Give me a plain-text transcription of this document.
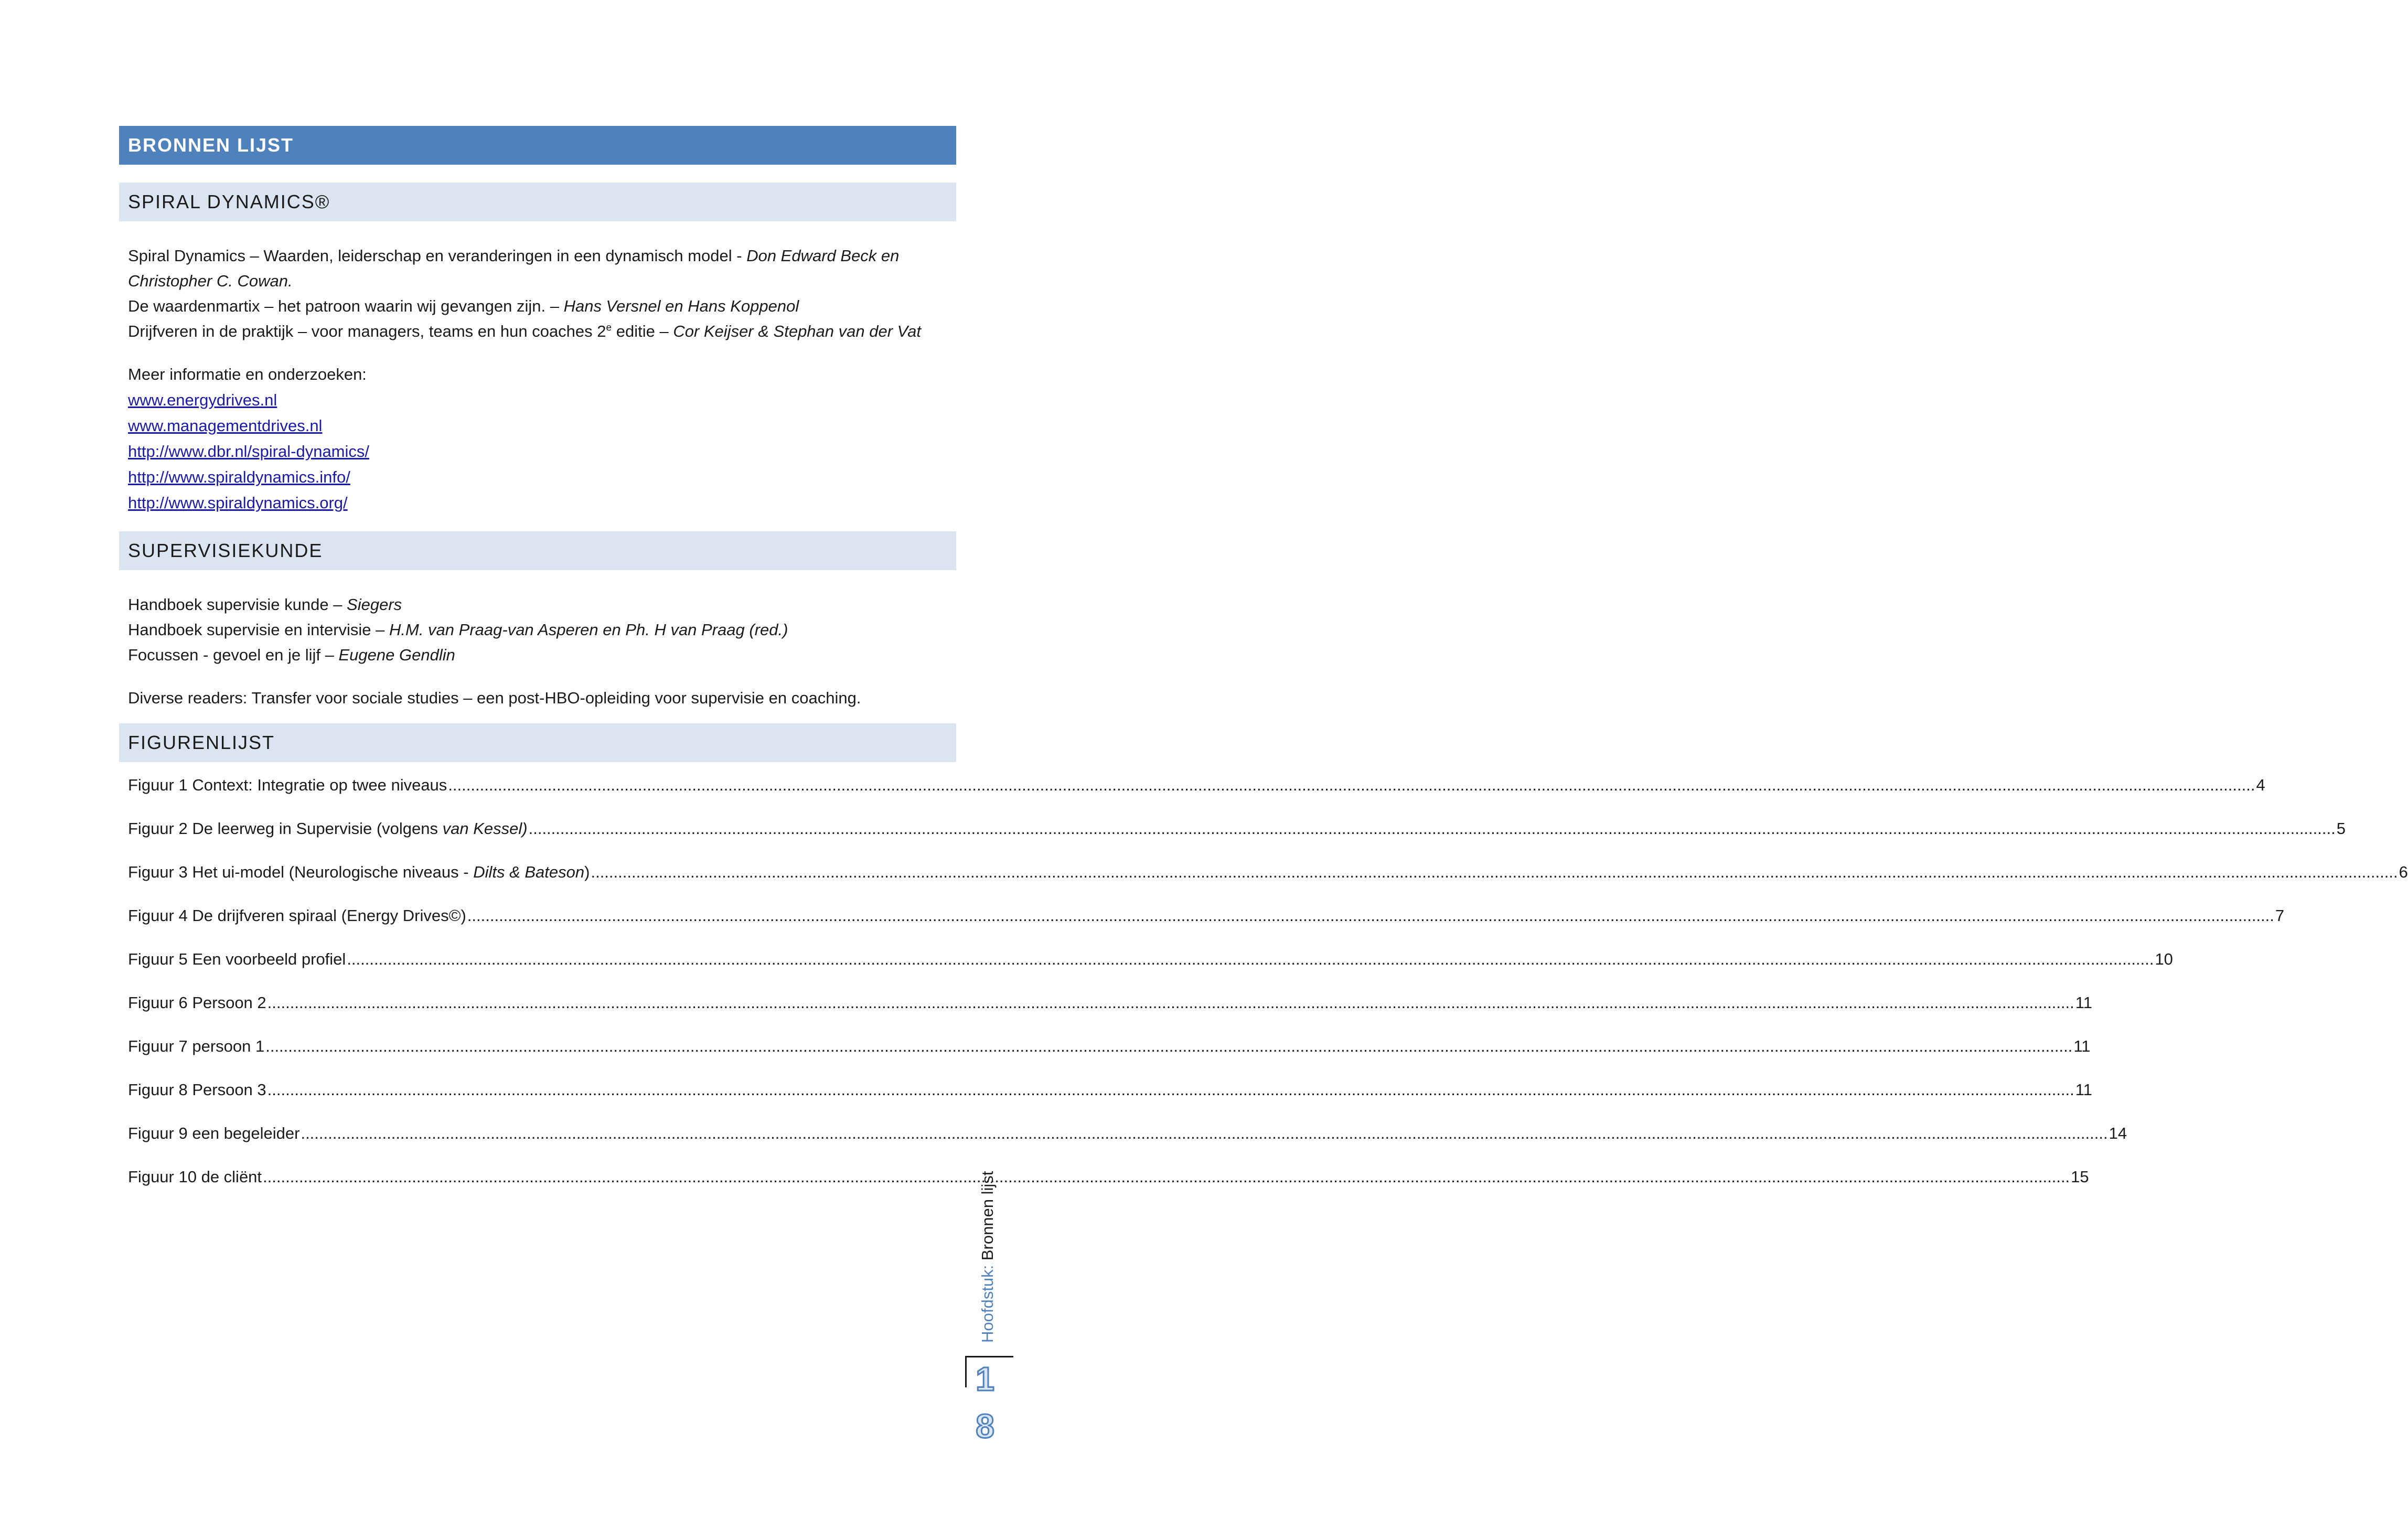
BRONNEN LIJST
SPIRAL DYNAMICS®

Spiral Dynamics – Waarden, leiderschap en veranderingen in een dynamisch model - Don Edward Beck en

Christopher C. Cowan.

De waardenmartix – het patroon waarin wij gevangen zijn. – Hans Versnel en Hans Koppenol

Drijfveren in de praktijk – voor managers, teams en hun coaches 2e editie – Cor Keijser & Stephan van der Vat

Meer informatie en onderzoeken:

www.energydrives.nl
www.managementdrives.nl
http://www.dbr.nl/spiral-dynamics/
http://www.spiraldynamics.info/
http://www.spiraldynamics.org/
SUPERVISIEKUNDE

Handboek supervisie kunde – Siegers

Handboek supervisie en intervisie – H.M. van Praag-van Asperen en Ph. H van Praag (red.)

Focussen - gevoel en je lijf – Eugene Gendlin

Diverse readers: Transfer voor sociale studies – een post-HBO-opleiding voor supervisie en coaching.

FIGURENLIJST
Figuur 1 Context: Integratie op twee niveaus ................................................................................................................................................................................................................................................................................................................................................................................................................ 4
Figuur 2 De leerweg in Supervisie (volgens van Kessel) ................................................................................................................................................................................................................................................................................................................................................................................................................ 5
Figuur 3 Het ui-model (Neurologische niveaus - Dilts & Bateson) ................................................................................................................................................................................................................................................................................................................................................................................................................ 6
Figuur 4 De drijfveren spiraal (Energy Drives©) ................................................................................................................................................................................................................................................................................................................................................................................................................ 7
Figuur 5 Een voorbeeld profiel ................................................................................................................................................................................................................................................................................................................................................................................................................ 10
Figuur 6 Persoon 2 ................................................................................................................................................................................................................................................................................................................................................................................................................ 11
Figuur 7 persoon 1 ................................................................................................................................................................................................................................................................................................................................................................................................................ 11
Figuur 8 Persoon 3 ................................................................................................................................................................................................................................................................................................................................................................................................................ 11
Figuur 9 een begeleider ................................................................................................................................................................................................................................................................................................................................................................................................................ 14
Figuur 10 de cliënt ................................................................................................................................................................................................................................................................................................................................................................................................................ 15
Hoofdstuk: Bronnen lijst
1
8
